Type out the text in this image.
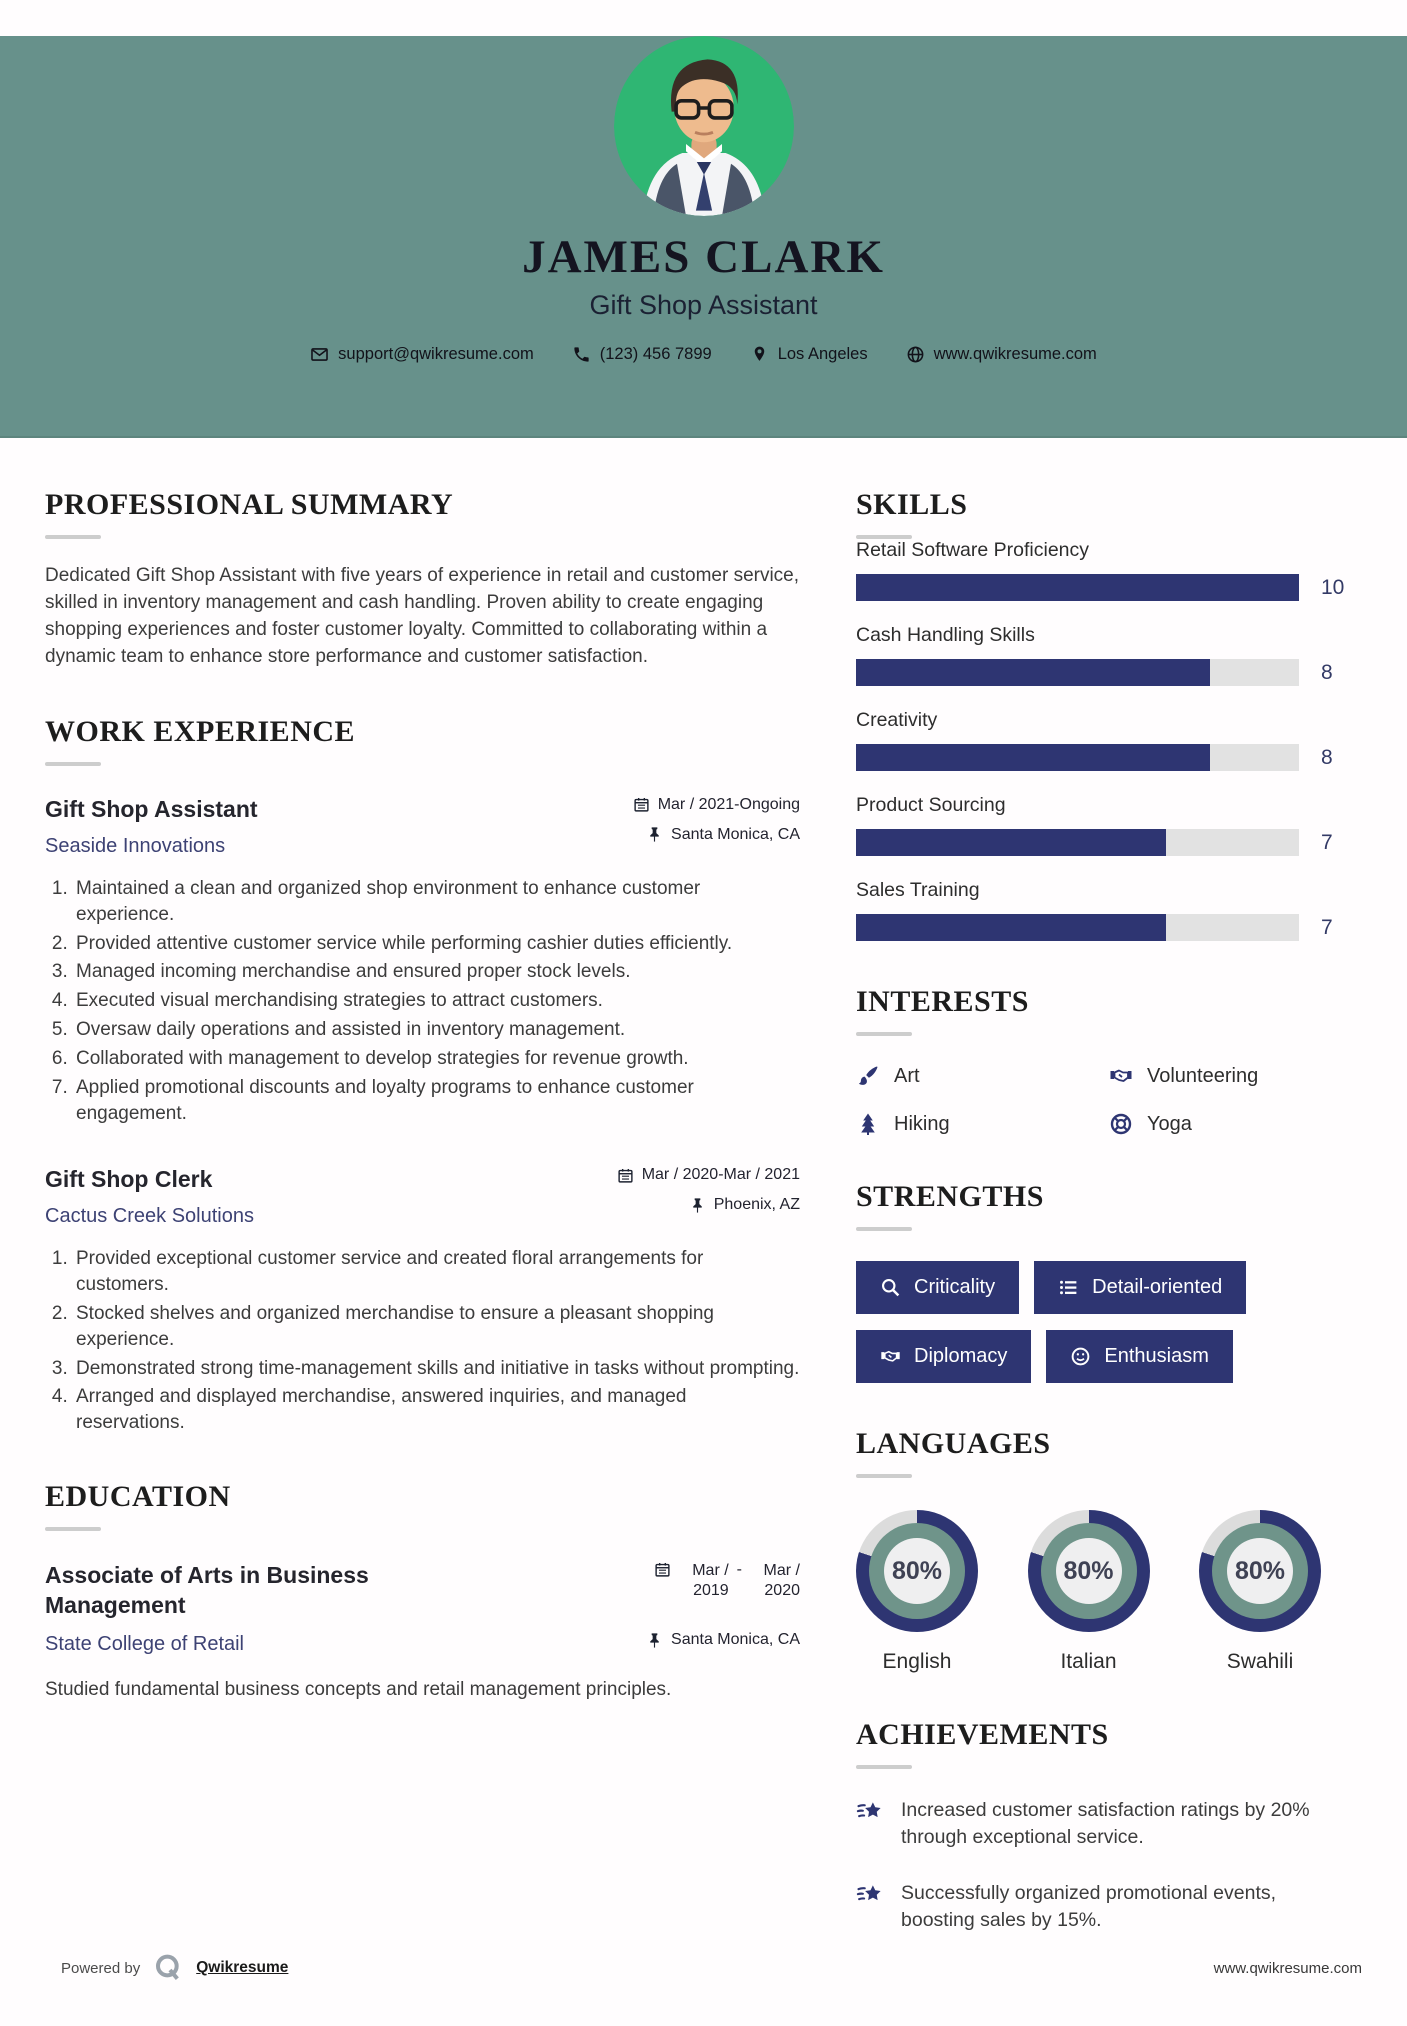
JAMES CLARK
Gift Shop Assistant
support@qwikresume.com	(123) 456 7899	Los Angeles	www.qwikresume.com
PROFESSIONAL SUMMARY

Dedicated Gift Shop Assistant with five years of experience in retail and customer service, skilled in inventory management and cash handling. Proven ability to create engaging shopping experiences and foster customer loyalty. Committed to collaborating within a dynamic team to enhance store performance and customer satisfaction.

WORK EXPERIENCE
Gift Shop Assistant
Seaside Innovations
Mar / 2021-Ongoing
Santa Monica, CA
1. Maintained a clean and organized shop environment to enhance customer experience.
2. Provided attentive customer service while performing cashier duties efficiently.
3. Managed incoming merchandise and ensured proper stock levels.
4. Executed visual merchandising strategies to attract customers.
5. Oversaw daily operations and assisted in inventory management.
6. Collaborated with management to develop strategies for revenue growth.
7. Applied promotional discounts and loyalty programs to enhance customer engagement.
Gift Shop Clerk
Cactus Creek Solutions
Mar / 2020-Mar / 2021
Phoenix, AZ
1. Provided exceptional customer service and created floral arrangements for customers.
2. Stocked shelves and organized merchandise to ensure a pleasant shopping experience.
3. Demonstrated strong time-management skills and initiative in tasks without prompting.
4. Arranged and displayed merchandise, answered inquiries, and managed reservations.
EDUCATION
Associate of Arts in Business Management
State College of Retail
Mar / 2019
-	Mar / 2020
Santa Monica, CA

Studied fundamental business concepts and retail management principles.

SKILLS
Retail Software Proficiency
10
Cash Handling Skills
8
Creativity
8
Product Sourcing
7
Sales Training
7
INTERESTS
Art	Volunteering
Hiking	Yoga
STRENGTHS
Criticality	Detail-oriented
Diplomacy	Enthusiasm
LANGUAGES
80%
English
80%
Italian
80%
Swahili
ACHIEVEMENTS

Increased customer satisfaction ratings by 20% through exceptional service.

Successfully organized promotional events, boosting sales by 15%.

Powered by	Qwikresume	www.qwikresume.com
